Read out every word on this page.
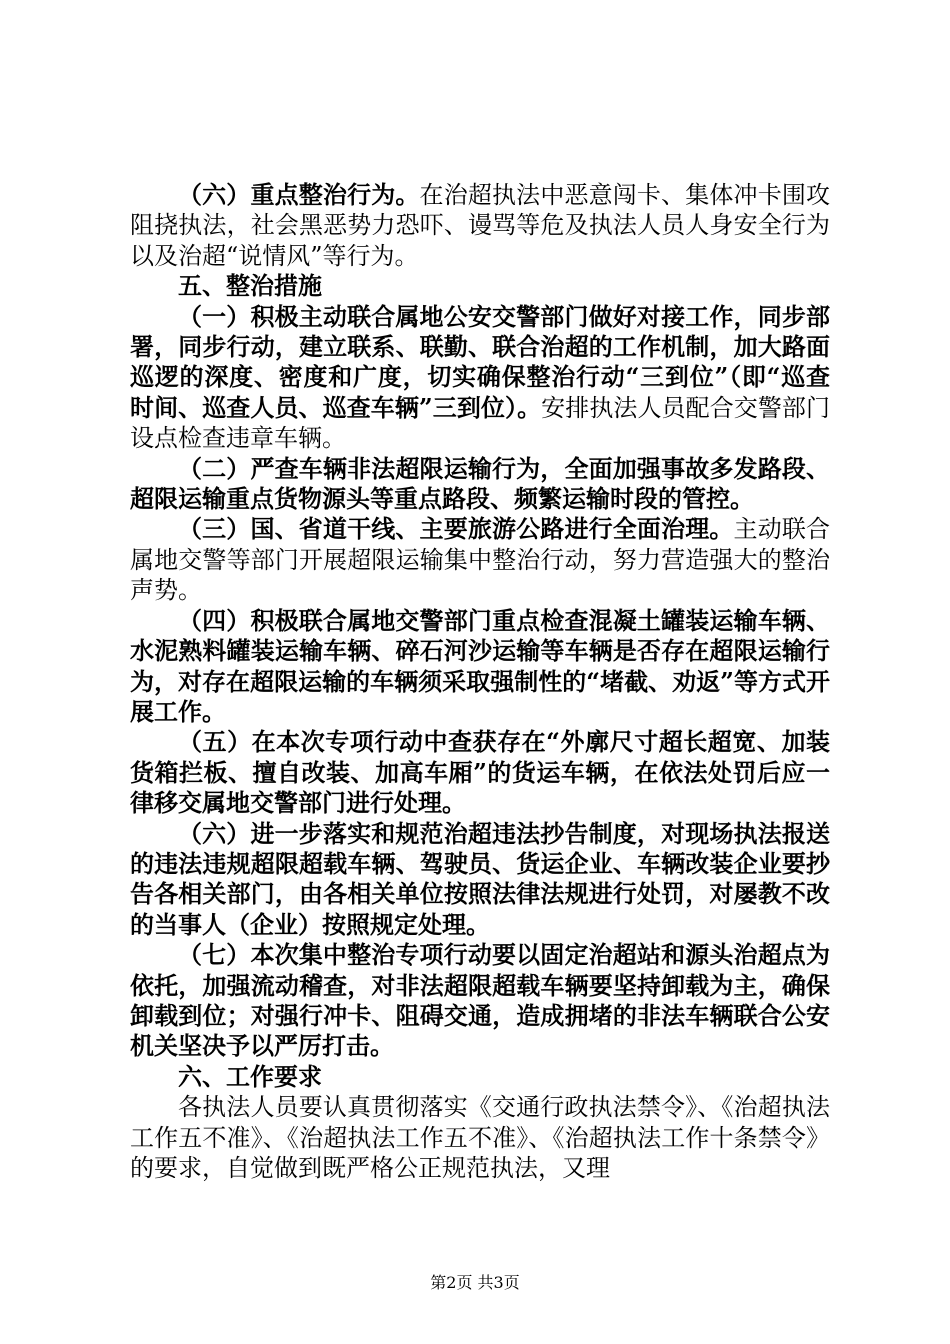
（六）重点整治行为。在治超执法中恶意闯卡、集体冲卡围攻阻挠执法，社会黑恶势力恐吓、谩骂等危及执法人员人身安全行为以及治超“说情风”等行为。

五、整治措施

（一）积极主动联合属地公安交警部门做好对接工作，同步部署，同步行动，建立联系、联勤、联合治超的工作机制，加大路面巡逻的深度、密度和广度，切实确保整治行动“三到位”（即“巡查时间、巡查人员、巡查车辆”三到位）。安排执法人员配合交警部门设点检查违章车辆。

（二）严查车辆非法超限运输行为，全面加强事故多发路段、超限运输重点货物源头等重点路段、频繁运输时段的管控。

（三）国、省道干线、主要旅游公路进行全面治理。主动联合属地交警等部门开展超限运输集中整治行动，努力营造强大的整治声势。

（四）积极联合属地交警部门重点检查混凝土罐装运输车辆、水泥熟料罐装运输车辆、碎石河沙运输等车辆是否存在超限运输行为，对存在超限运输的车辆须采取强制性的“堵截、劝返”等方式开展工作。

（五）在本次专项行动中查获存在“外廓尺寸超长超宽、加装货箱拦板、擅自改装、加高车厢”的货运车辆，在依法处罚后应一律移交属地交警部门进行处理。

（六）进一步落实和规范治超违法抄告制度，对现场执法报送的违法违规超限超载车辆、驾驶员、货运企业、车辆改装企业要抄告各相关部门，由各相关单位按照法律法规进行处罚，对屡教不改的当事人（企业）按照规定处理。

（七）本次集中整治专项行动要以固定治超站和源头治超点为依托，加强流动稽查，对非法超限超载车辆要坚持卸载为主，确保卸载到位；对强行冲卡、阻碍交通，造成拥堵的非法车辆联合公安机关坚决予以严厉打击。

六、工作要求

各执法人员要认真贯彻落实《交通行政执法禁令》、《治超执法工作五不准》、《治超执法工作五不准》、《治超执法工作十条禁令》的要求，自觉做到既严格公正规范执法，又理

第2页 共3页
